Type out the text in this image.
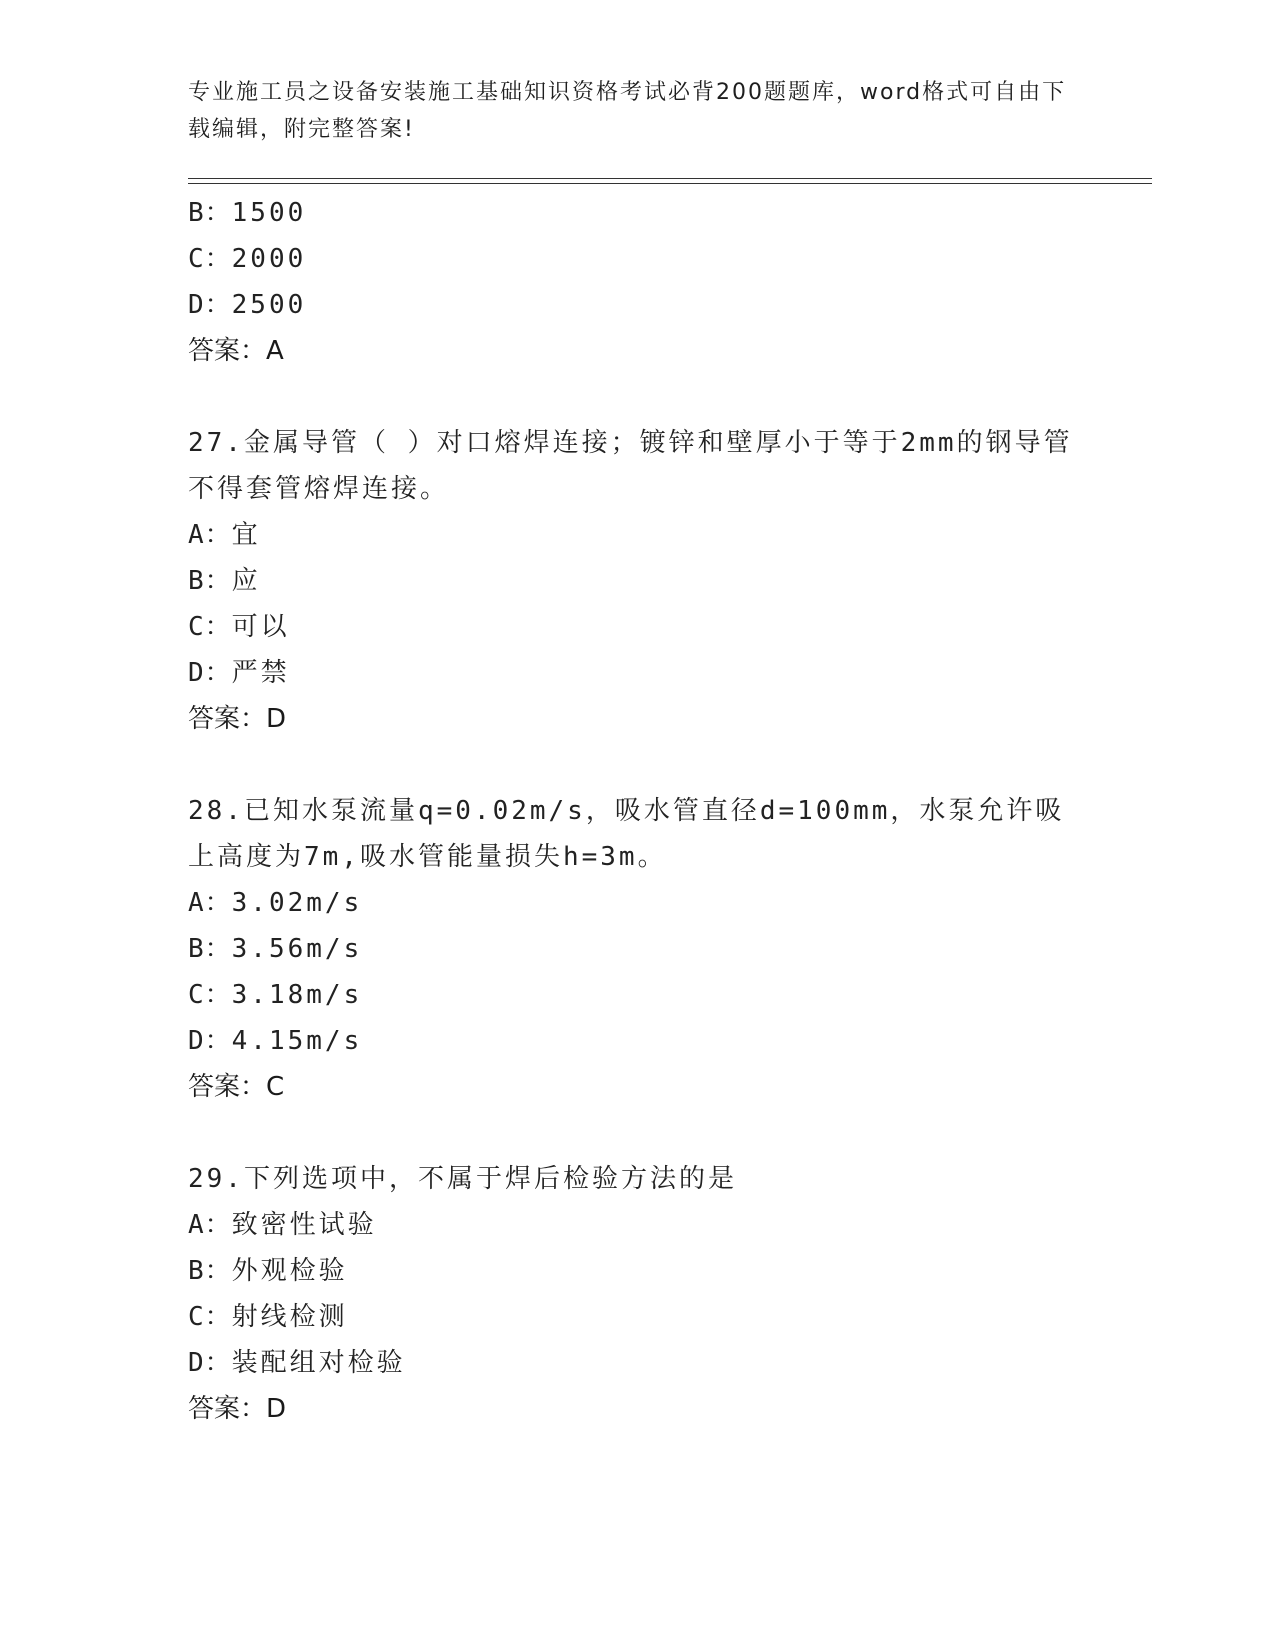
专业施工员之设备安装施工基础知识资格考试必背200题题库，word格式可自由下载编辑，附完整答案!
B：1500
C：2000
D：2500
答案：A
27.金属导管（ ）对口熔焊连接；镀锌和壁厚小于等于2mm的钢导管不得套管熔焊连接。
A：宜
B：应
C：可以
D：严禁
答案：D
28.已知水泵流量q=0.02m/s，吸水管直径d=100mm，水泵允许吸上高度为7m,吸水管能量损失h=3m。
A：3.02m/s
B：3.56m/s
C：3.18m/s
D：4.15m/s
答案：C
29.下列选项中，不属于焊后检验方法的是
A：致密性试验
B：外观检验
C：射线检测
D：装配组对检验
答案：D
